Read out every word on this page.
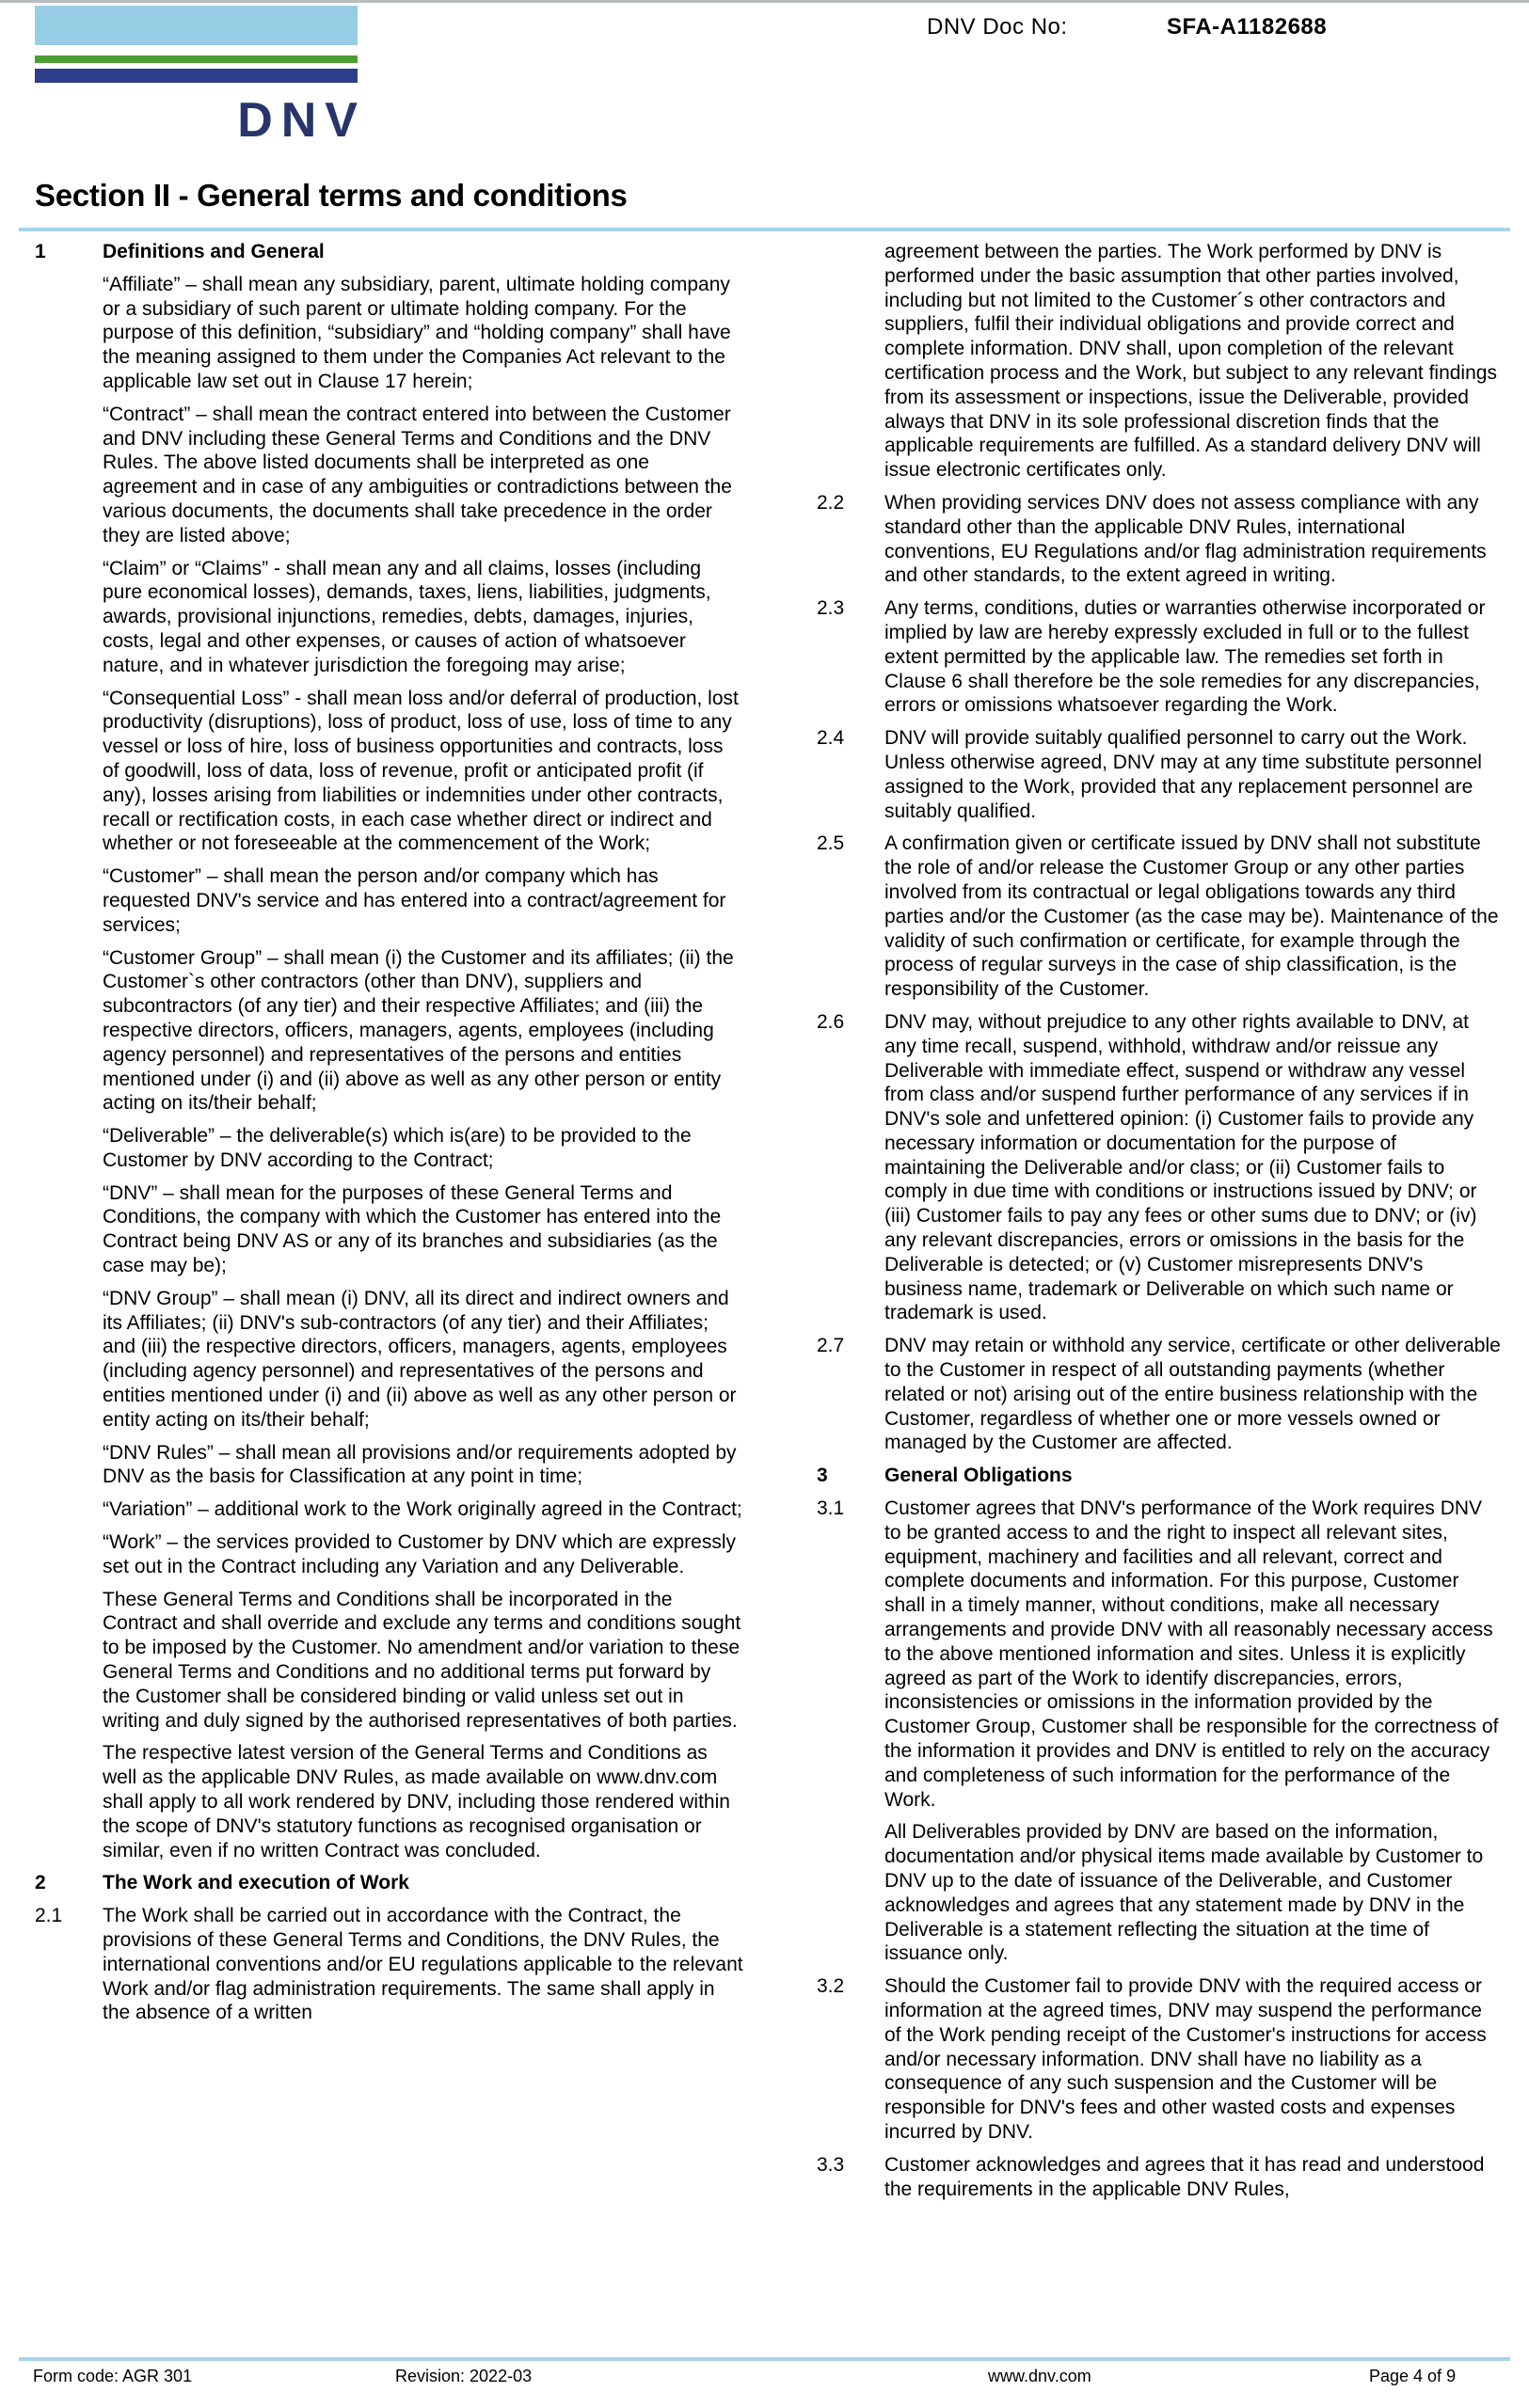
DNV
DNV Doc No:	SFA-A1182688
Section II - General terms and conditions
1	Definitions and General
“Affiliate” – shall mean any subsidiary, parent, ultimate holding company or a subsidiary of such parent or ultimate holding company. For the purpose of this definition, “subsidiary” and “holding company” shall have the meaning assigned to them under the Companies Act relevant to the applicable law set out in Clause 17 herein;
“Contract” – shall mean the contract entered into between the Customer and DNV including these General Terms and Conditions and the DNV Rules. The above listed documents shall be interpreted as one agreement and in case of any ambiguities or contradictions between the various documents, the documents shall take precedence in the order they are listed above;
“Claim” or “Claims” - shall mean any and all claims, losses (including pure economical losses), demands, taxes, liens, liabilities, judgments, awards, provisional injunctions, remedies, debts, damages, injuries, costs, legal and other expenses, or causes of action of whatsoever nature, and in whatever jurisdiction the foregoing may arise;
“Consequential Loss” - shall mean loss and/or deferral of production, lost productivity (disruptions), loss of product, loss of use, loss of time to any vessel or loss of hire, loss of business opportunities and contracts, loss of goodwill, loss of data, loss of revenue, profit or anticipated profit (if any), losses arising from liabilities or indemnities under other contracts, recall or rectification costs, in each case whether direct or indirect and whether or not foreseeable at the commencement of the Work;
“Customer” – shall mean the person and/or company which has requested DNV's service and has entered into a contract/agreement for services;
“Customer Group” – shall mean (i) the Customer and its affiliates; (ii) the Customer`s other contractors (other than DNV), suppliers and subcontractors (of any tier) and their respective Affiliates; and (iii) the respective directors, officers, managers, agents, employees (including agency personnel) and representatives of the persons and entities mentioned under (i) and (ii) above as well as any other person or entity acting on its/their behalf;
“Deliverable” – the deliverable(s) which is(are) to be provided to the Customer by DNV according to the Contract;
“DNV” – shall mean for the purposes of these General Terms and Conditions, the company with which the Customer has entered into the Contract being DNV AS or any of its branches and subsidiaries (as the case may be);
“DNV Group” – shall mean (i) DNV, all its direct and indirect owners and its Affiliates; (ii) DNV's sub-contractors (of any tier) and their Affiliates; and (iii) the respective directors, officers, managers, agents, employees (including agency personnel) and representatives of the persons and entities mentioned under (i) and (ii) above as well as any other person or entity acting on its/their behalf;
“DNV Rules” – shall mean all provisions and/or requirements adopted by DNV as the basis for Classification at any point in time;
“Variation” – additional work to the Work originally agreed in the Contract;
“Work” – the services provided to Customer by DNV which are expressly set out in the Contract including any Variation and any Deliverable.
These General Terms and Conditions shall be incorporated in the Contract and shall override and exclude any terms and conditions sought to be imposed by the Customer. No amendment and/or variation to these General Terms and Conditions and no additional terms put forward by the Customer shall be considered binding or valid unless set out in writing and duly signed by the authorised representatives of both parties.
The respective latest version of the General Terms and Conditions as well as the applicable DNV Rules, as made available on www.dnv.com shall apply to all work rendered by DNV, including those rendered within the scope of DNV's statutory functions as recognised organisation or similar, even if no written Contract was concluded.
2	The Work and execution of Work
2.1	The Work shall be carried out in accordance with the Contract, the provisions of these General Terms and Conditions, the DNV Rules, the international conventions and/or EU regulations applicable to the relevant Work and/or flag administration requirements. The same shall apply in the absence of a written
agreement between the parties. The Work performed by DNV is performed under the basic assumption that other parties involved, including but not limited to the Customer´s other contractors and suppliers, fulfil their individual obligations and provide correct and complete information. DNV shall, upon completion of the relevant certification process and the Work, but subject to any relevant findings from its assessment or inspections, issue the Deliverable, provided always that DNV in its sole professional discretion finds that the applicable requirements are fulfilled. As a standard delivery DNV will issue electronic certificates only.
2.2	When providing services DNV does not assess compliance with any standard other than the applicable DNV Rules, international conventions, EU Regulations and/or flag administration requirements and other standards, to the extent agreed in writing.
2.3	Any terms, conditions, duties or warranties otherwise incorporated or implied by law are hereby expressly excluded in full or to the fullest extent permitted by the applicable law. The remedies set forth in Clause 6 shall therefore be the sole remedies for any discrepancies, errors or omissions whatsoever regarding the Work.
2.4	DNV will provide suitably qualified personnel to carry out the Work. Unless otherwise agreed, DNV may at any time substitute personnel assigned to the Work, provided that any replacement personnel are suitably qualified.
2.5	A confirmation given or certificate issued by DNV shall not substitute the role of and/or release the Customer Group or any other parties involved from its contractual or legal obligations towards any third parties and/or the Customer (as the case may be). Maintenance of the validity of such confirmation or certificate, for example through the process of regular surveys in the case of ship classification, is the responsibility of the Customer.
2.6	DNV may, without prejudice to any other rights available to DNV, at any time recall, suspend, withhold, withdraw and/or reissue any Deliverable with immediate effect, suspend or withdraw any vessel from class and/or suspend further performance of any services if in DNV's sole and unfettered opinion: (i) Customer fails to provide any necessary information or documentation for the purpose of maintaining the Deliverable and/or class; or (ii) Customer fails to comply in due time with conditions or instructions issued by DNV; or (iii) Customer fails to pay any fees or other sums due to DNV; or (iv) any relevant discrepancies, errors or omissions in the basis for the Deliverable is detected; or (v) Customer misrepresents DNV's business name, trademark or Deliverable on which such name or trademark is used.
2.7	DNV may retain or withhold any service, certificate or other deliverable to the Customer in respect of all outstanding payments (whether related or not) arising out of the entire business relationship with the Customer, regardless of whether one or more vessels owned or managed by the Customer are affected.
3	General Obligations
3.1	Customer agrees that DNV's performance of the Work requires DNV to be granted access to and the right to inspect all relevant sites, equipment, machinery and facilities and all relevant, correct and complete documents and information. For this purpose, Customer shall in a timely manner, without conditions, make all necessary arrangements and provide DNV with all reasonably necessary access to the above mentioned information and sites. Unless it is explicitly agreed as part of the Work to identify discrepancies, errors, inconsistencies or omissions in the information provided by the Customer Group, Customer shall be responsible for the correctness of the information it provides and DNV is entitled to rely on the accuracy and completeness of such information for the performance of the Work.
All Deliverables provided by DNV are based on the information, documentation and/or physical items made available by Customer to DNV up to the date of issuance of the Deliverable, and Customer acknowledges and agrees that any statement made by DNV in the Deliverable is a statement reflecting the situation at the time of issuance only.
3.2	Should the Customer fail to provide DNV with the required access or information at the agreed times, DNV may suspend the performance of the Work pending receipt of the Customer's instructions for access and/or necessary information. DNV shall have no liability as a consequence of any such suspension and the Customer will be responsible for DNV's fees and other wasted costs and expenses incurred by DNV.
3.3	Customer acknowledges and agrees that it has read and understood the requirements in the applicable DNV Rules,
Form code: AGR 301	Revision: 2022-03	www.dnv.com	Page 4 of 9
